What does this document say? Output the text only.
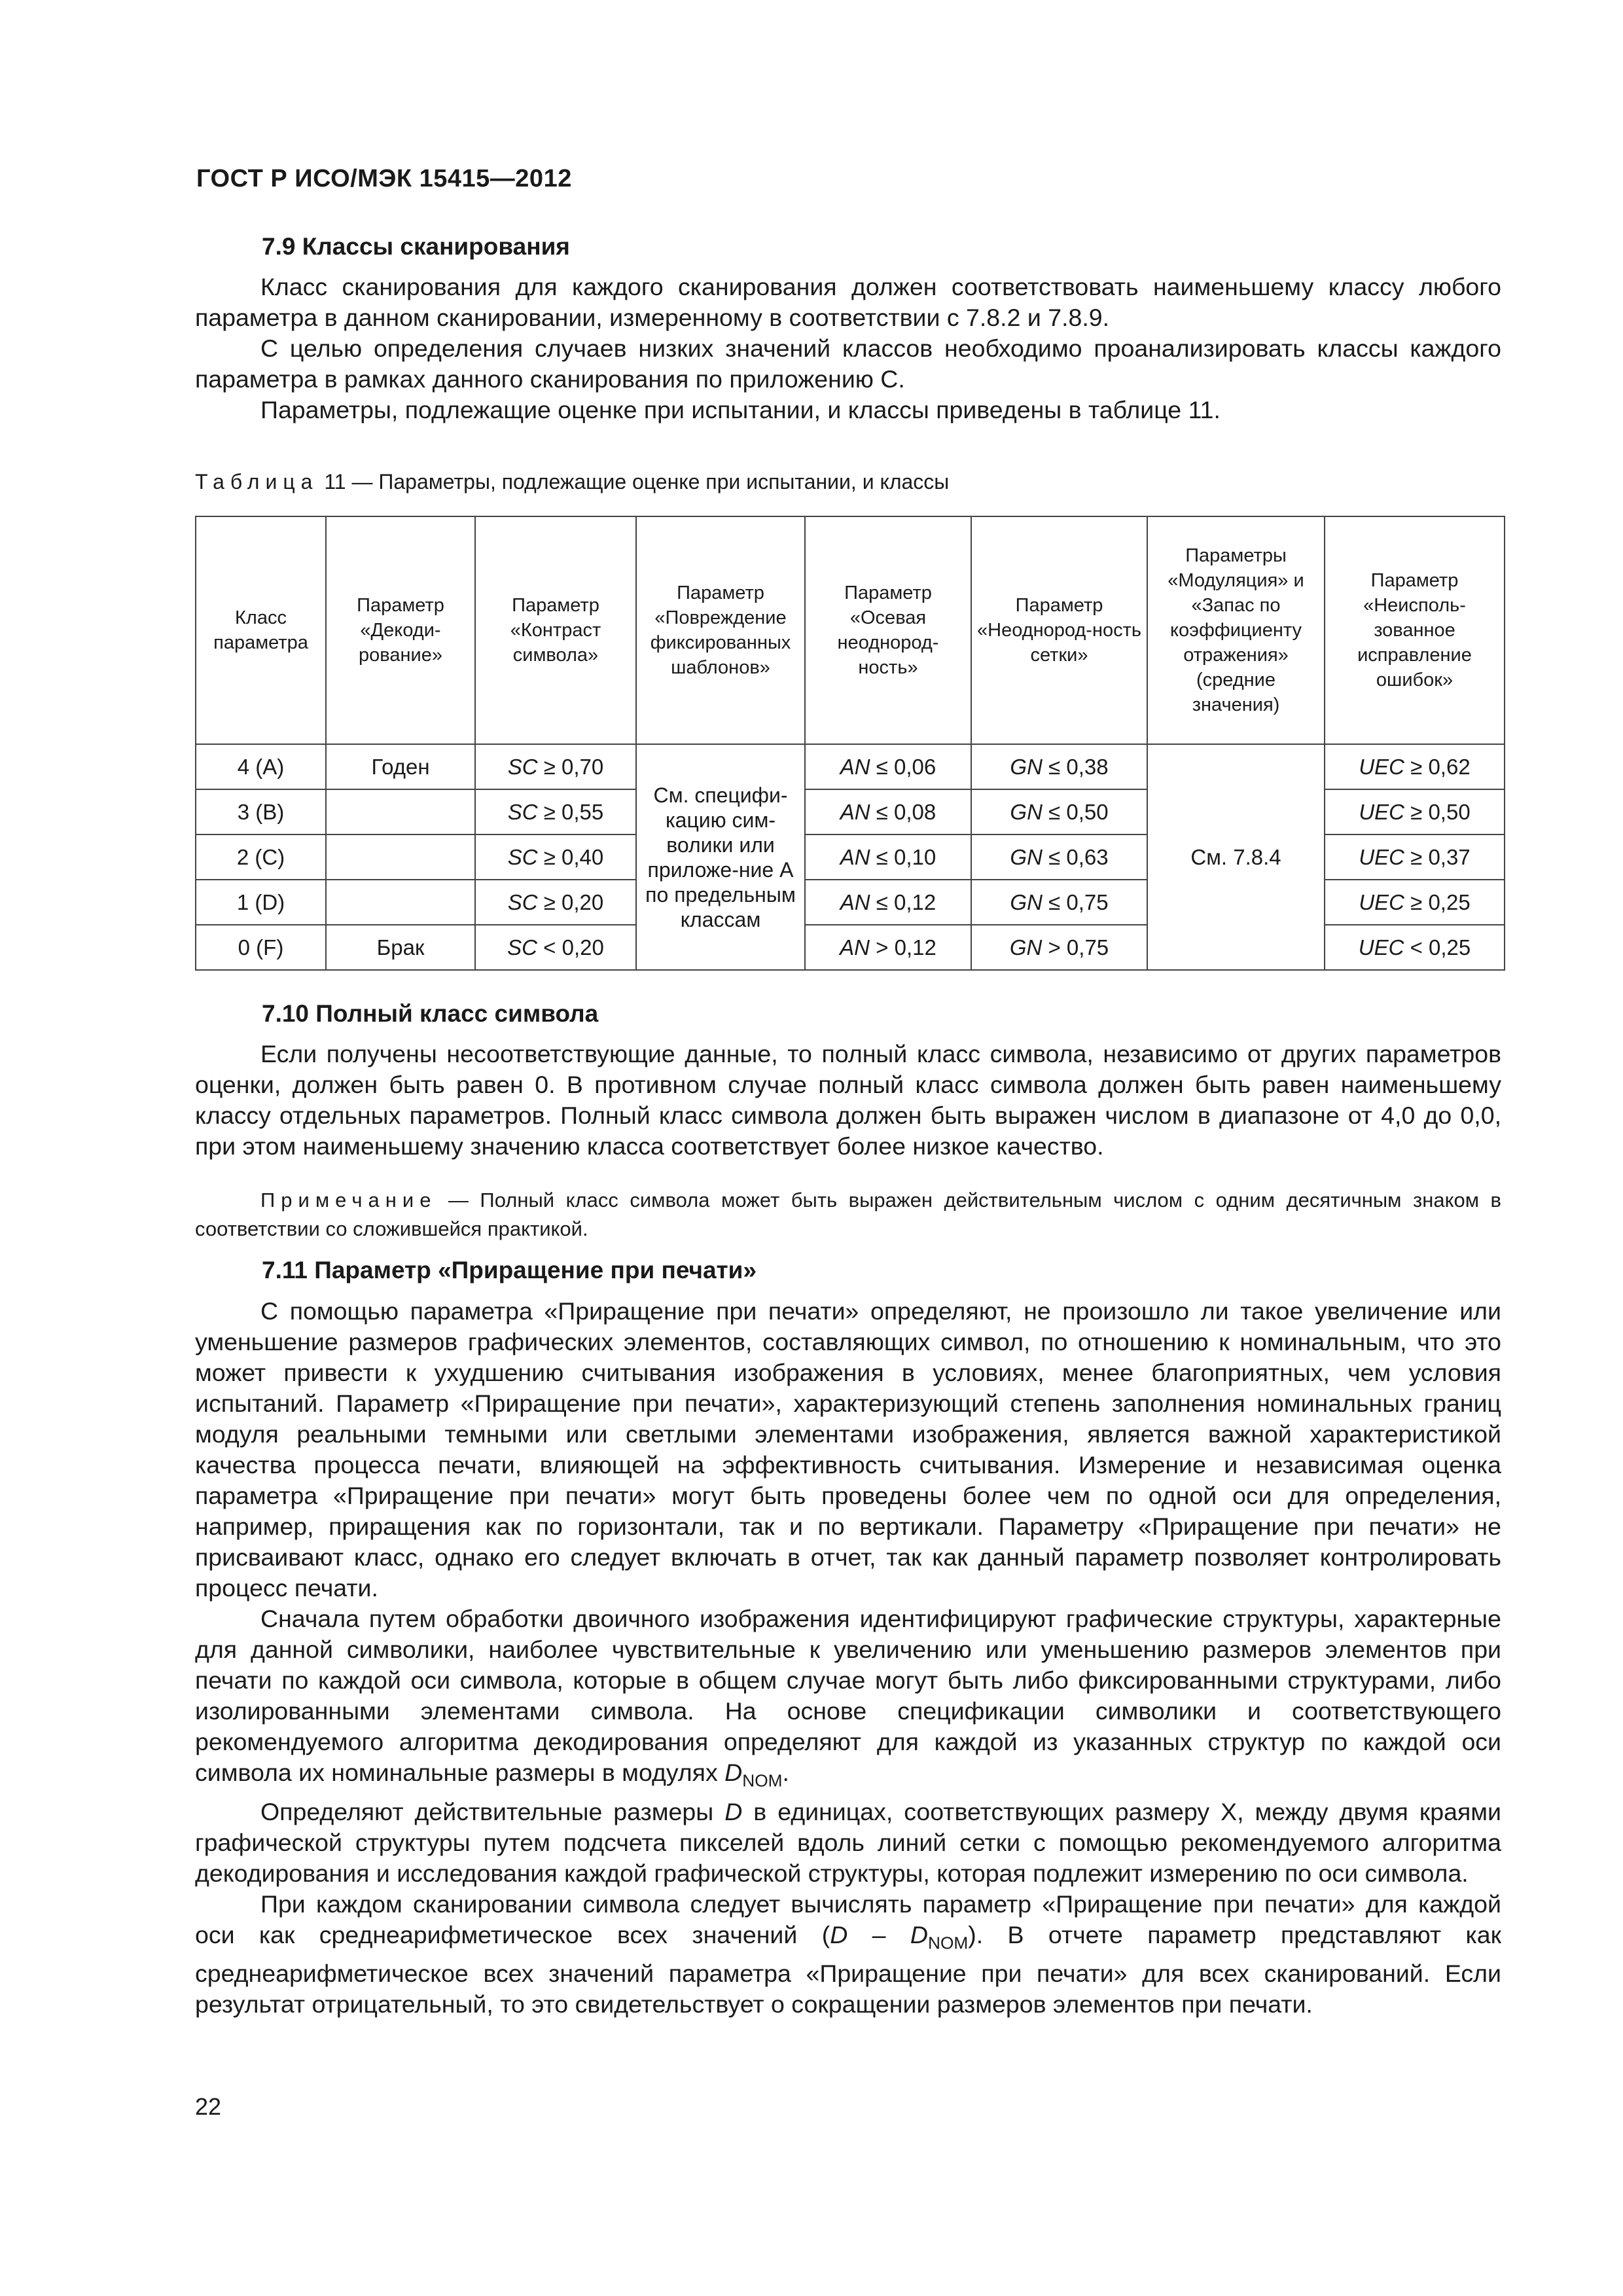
ГОСТ Р ИСО/МЭК 15415—2012
7.9 Классы сканирования

Класс сканирования для каждого сканирования должен соответствовать наименьшему классу любого параметра в данном сканировании, измеренному в соответствии с 7.8.2 и 7.8.9.

С целью определения случаев низких значений классов необходимо проанализировать классы каждого параметра в рамках данного сканирования по приложению C.

Параметры, подлежащие оценке при испытании, и классы приведены в таблице 11.

Таблица 11 — Параметры, подлежащие оценке при испытании, и классы
Класс параметра	Параметр «Декоди-рование»	Параметр «Контраст символа»	Параметр «Повреждение фиксированных шаблонов»	Параметр «Осевая неоднород-ность»	Параметр «Неоднород-ность сетки»	Параметры «Модуляция» и «Запас по коэффициенту отражения» (средние значения)	Параметр «Неисполь-зованное исправление ошибок»
4 (A)	Годен	SC ≥ 0,70	См. специфи-кацию сим-волики или приложе-ние А по предельным классам	AN ≤ 0,06	GN ≤ 0,38	См. 7.8.4	UEC ≥ 0,62
3 (B)		SC ≥ 0,55		AN ≤ 0,08	GN ≤ 0,50		UEC ≥ 0,50
2 (C)		SC ≥ 0,40		AN ≤ 0,10	GN ≤ 0,63		UEC ≥ 0,37
1 (D)		SC ≥ 0,20		AN ≤ 0,12	GN ≤ 0,75		UEC ≥ 0,25
0 (F)	Брак	SC < 0,20		AN > 0,12	GN > 0,75		UEC < 0,25
7.10 Полный класс символа

Если получены несоответствующие данные, то полный класс символа, независимо от других параметров оценки, должен быть равен 0. В противном случае полный класс символа должен быть равен наименьшему классу отдельных параметров. Полный класс символа должен быть выражен числом в диапазоне от 4,0 до 0,0, при этом наименьшему значению класса соответствует более низкое качество.

Примечание — Полный класс символа может быть выражен действительным числом с одним десятичным знаком в соответствии со сложившейся практикой.

7.11 Параметр «Приращение при печати»

С помощью параметра «Приращение при печати» определяют, не произошло ли такое увеличение или уменьшение размеров графических элементов, составляющих символ, по отношению к номинальным, что это может привести к ухудшению считывания изображения в условиях, менее благоприятных, чем условия испытаний. Параметр «Приращение при печати», характеризующий степень заполнения номинальных границ модуля реальными темными или светлыми элементами изображения, является важной характеристикой качества процесса печати, влияющей на эффективность считывания. Измерение и независимая оценка параметра «Приращение при печати» могут быть проведены более чем по одной оси для определения, например, приращения как по горизонтали, так и по вертикали. Параметру «Приращение при печати» не присваивают класс, однако его следует включать в отчет, так как данный параметр позволяет контролировать процесс печати.

Сначала путем обработки двоичного изображения идентифицируют графические структуры, характерные для данной символики, наиболее чувствительные к увеличению или уменьшению размеров элементов при печати по каждой оси символа, которые в общем случае могут быть либо фиксированными структурами, либо изолированными элементами символа. На основе спецификации символики и соответствующего рекомендуемого алгоритма декодирования определяют для каждой из указанных структур по каждой оси символа их номинальные размеры в модулях $D_{NOM}$.

Определяют действительные размеры D в единицах, соответствующих размеру X, между двумя краями графической структуры путем подсчета пикселей вдоль линий сетки с помощью рекомендуемого алгоритма декодирования и исследования каждой графической структуры, которая подлежит измерению по оси символа.

При каждом сканировании символа следует вычислять параметр «Приращение при печати» для каждой оси как среднеарифметическое всех значений $(D - D_{NOM})$. В отчете параметр представляют как среднеарифметическое всех значений параметра «Приращение при печати» для всех сканирований. Если результат отрицательный, то это свидетельствует о сокращении размеров элементов при печати.

22
